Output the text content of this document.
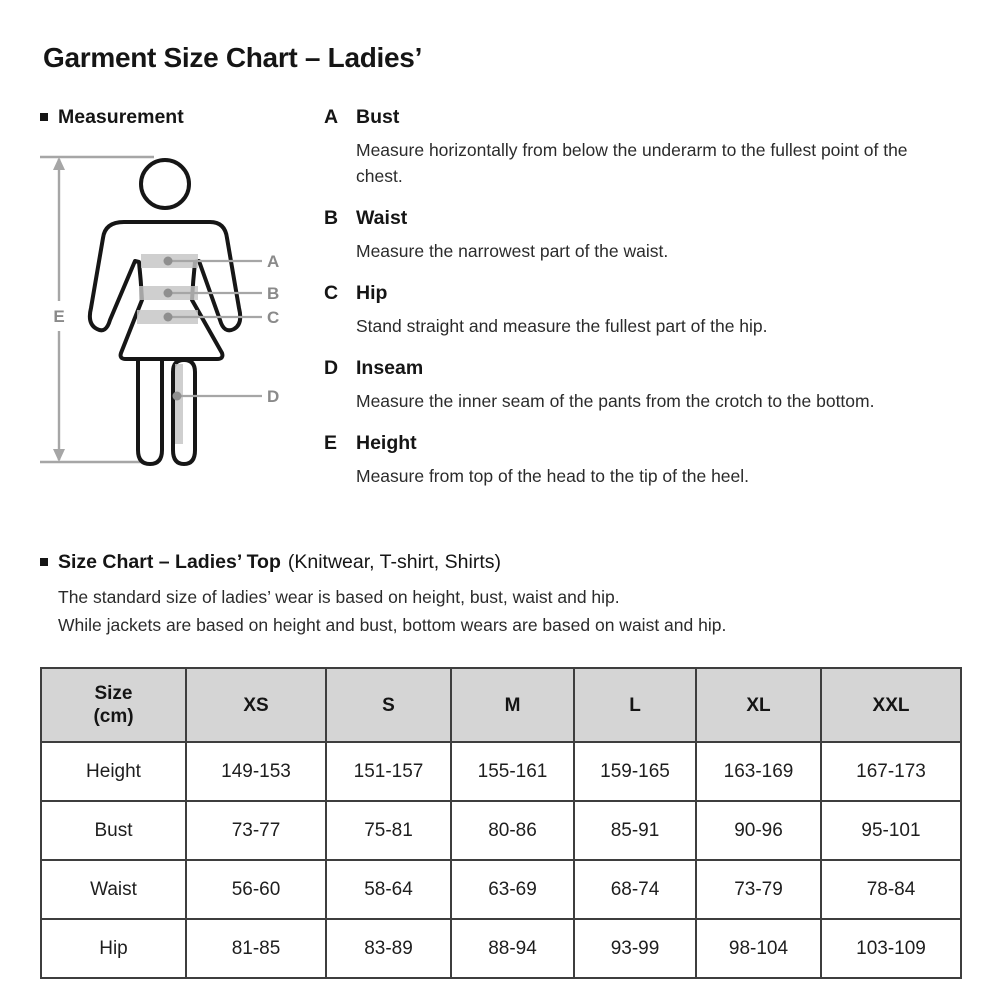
Garment Size Chart – Ladies’
Measurement
A
B
C
D
E
A Bust
Measure horizontally from below the underarm to the fullest point of the chest.
B Waist
Measure the narrowest part of the waist.
C Hip
Stand straight and measure the fullest part of the hip.
D Inseam
Measure the inner seam of the pants from the crotch to the bottom.
E Height
Measure from top of the head to the tip of the heel.
Size Chart – Ladies’ Top (Knitwear, T-shirt, Shirts)
The standard size of ladies’ wear is based on height, bust, waist and hip.
While jackets are based on height and bust, bottom wears are based on waist and hip.
Size
(cm)	XS	S	M	L	XL	XXL
Height	149-153	151-157	155-161	159-165	163-169	167-173
Bust	73-77	75-81	80-86	85-91	90-96	95-101
Waist	56-60	58-64	63-69	68-74	73-79	78-84
Hip	81-85	83-89	88-94	93-99	98-104	103-109
